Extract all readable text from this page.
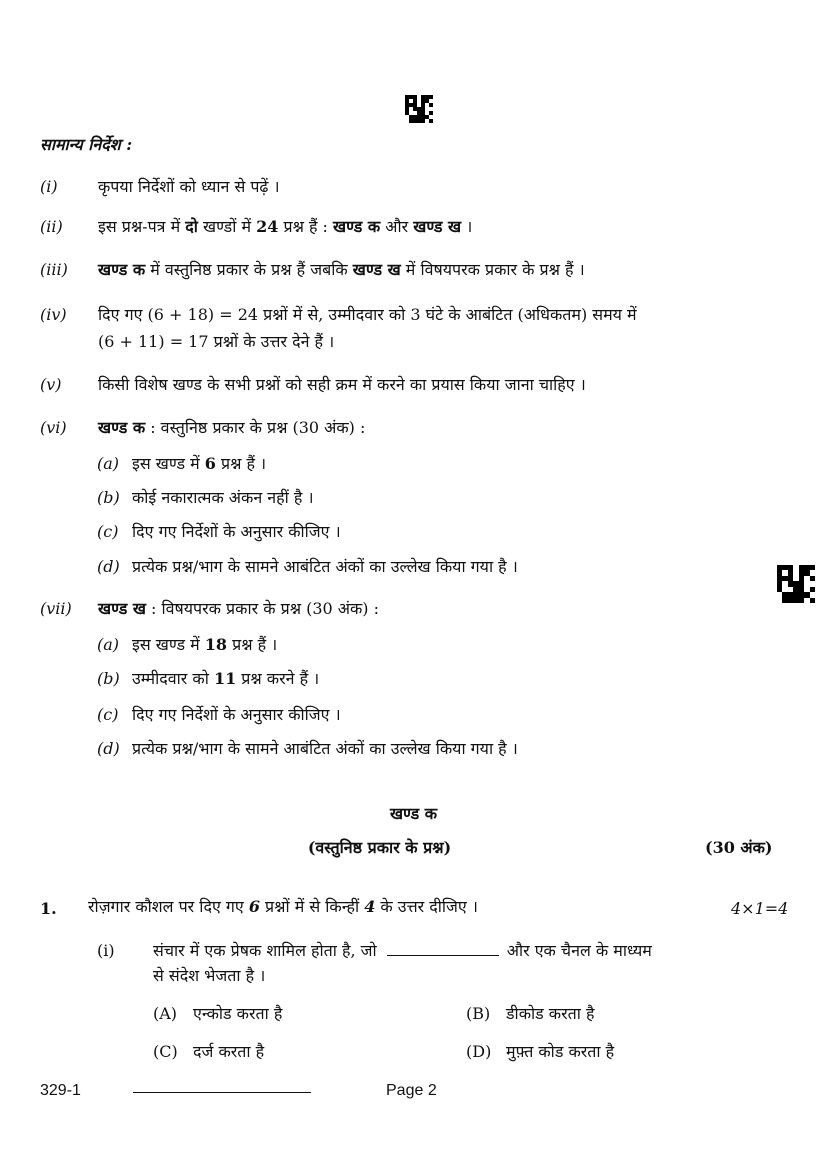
सामान्य निर्देश :
(i)	कृपया निर्देशों को ध्यान से पढ़ें ।
(ii) इस प्रश्न-पत्र में दो खण्डों में 24 प्रश्न हैं : खण्ड क और खण्ड ख ।
(iii) खण्ड क में वस्तुनिष्ठ प्रकार के प्रश्न हैं जबकि खण्ड ख में विषयपरक प्रकार के प्रश्न हैं ।
(iv) दिए गए (6 + 18) = 24 प्रश्नों में से, उम्मीदवार को 3 घंटे के आबंटित (अधिकतम) समय में
(6 + 11) = 17 प्रश्नों के उत्तर देने हैं ।
(v) किसी विशेष खण्ड के सभी प्रश्नों को सही क्रम में करने का प्रयास किया जाना चाहिए ।
(vi) खण्ड क : वस्तुनिष्ठ प्रकार के प्रश्न (30 अंक) :
(vii) खण्ड ख : विषयपरक प्रकार के प्रश्न (30 अंक) :
(a) इस खण्ड में 6 प्रश्न हैं ।
(b) कोई नकारात्मक अंकन नहीं है ।
(c) दिए गए निर्देशों के अनुसार कीजिए ।
(d) प्रत्येक प्रश्न/भाग के सामने आबंटित अंकों का उल्लेख किया गया है ।
(a) इस खण्ड में 18 प्रश्न हैं ।
(b) उम्मीदवार को 11 प्रश्न करने हैं ।
(c) दिए गए निर्देशों के अनुसार कीजिए ।
(d) प्रत्येक प्रश्न/भाग के सामने आबंटित अंकों का उल्लेख किया गया है ।
खण्ड क
(वस्तुनिष्ठ प्रकार के प्रश्न)	(30 अंक)
1. रोज़गार कौशल पर दिए गए 6 प्रश्नों में से किन्हीं 4 के उत्तर दीजिए ।	4×1=4
(i) संचार में एक प्रेषक शामिल होता है, जो	और एक चैनल के माध्यम
से संदेश भेजता है ।
(A) एन्कोड करता है	(B) डीकोड करता है
(C) दर्ज करता है	(D) मुफ़्त कोड करता है
329-1	Page 2
